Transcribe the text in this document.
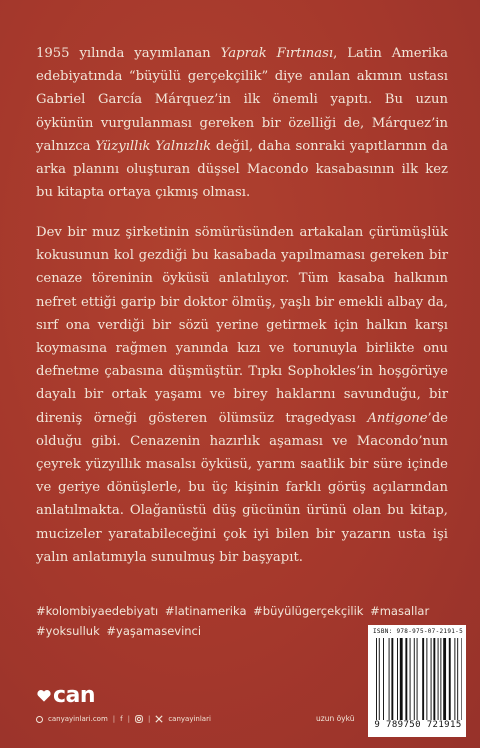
1955 yılında yayımlanan Yaprak Fırtınası, Latin Amerika edebiyatında “büyülü gerçekçilik” diye anılan akımın ustası Gabriel García Márquez’in ilk önemli yapıtı. Bu uzun öykünün vurgulanması gereken bir özelliği de, Márquez’in yalnızca Yüzyıllık Yalnızlık değil, daha sonraki yapıtlarının da arka planını oluşturan düşsel Macondo kasabasının ilk kez bu kitapta ortaya çıkmış olması.

Dev bir muz şirketinin sömürüsünden artakalan çürümüşlük kokusunun kol gezdiği bu kasabada yapılmaması gereken bir cenaze töreninin öyküsü anlatılıyor. Tüm kasaba halkının nefret ettiği garip bir doktor ölmüş, yaşlı bir emekli albay da, sırf ona verdiği bir sözü yerine getirmek için halkın karşı koymasına rağmen yanında kızı ve torunuyla birlikte onu defnetme çabasına düşmüştür. Tıpkı Sophokles’in hoşgörüye dayalı bir ortak yaşamı ve birey haklarını savunduğu, bir direniş örneği gösteren ölümsüz tragedyası Antigone’de olduğu gibi. Cenazenin hazırlık aşaması ve Macondo’nun çeyrek yüzyıllık masalsı öyküsü, yarım saatlik bir süre içinde ve geriye dönüşlerle, bu üç kişinin farklı görüş açılarından anlatılmakta. Olağanüstü düş gücünün ürünü olan bu kitap, mucizeler yaratabileceğini çok iyi bilen bir yazarın usta işi yalın anlatımıyla sunulmuş bir başyapıt.

#kolombiyaedebiyatı #latinamerika #büyülügerçekçilik #masallar
#yoksulluk #yaşamasevinci
can
canyayinlari.com | f |	|	canyayinlari	uzun öykü
ISBN: 978-975-07-2191-5
9 789750 721915
